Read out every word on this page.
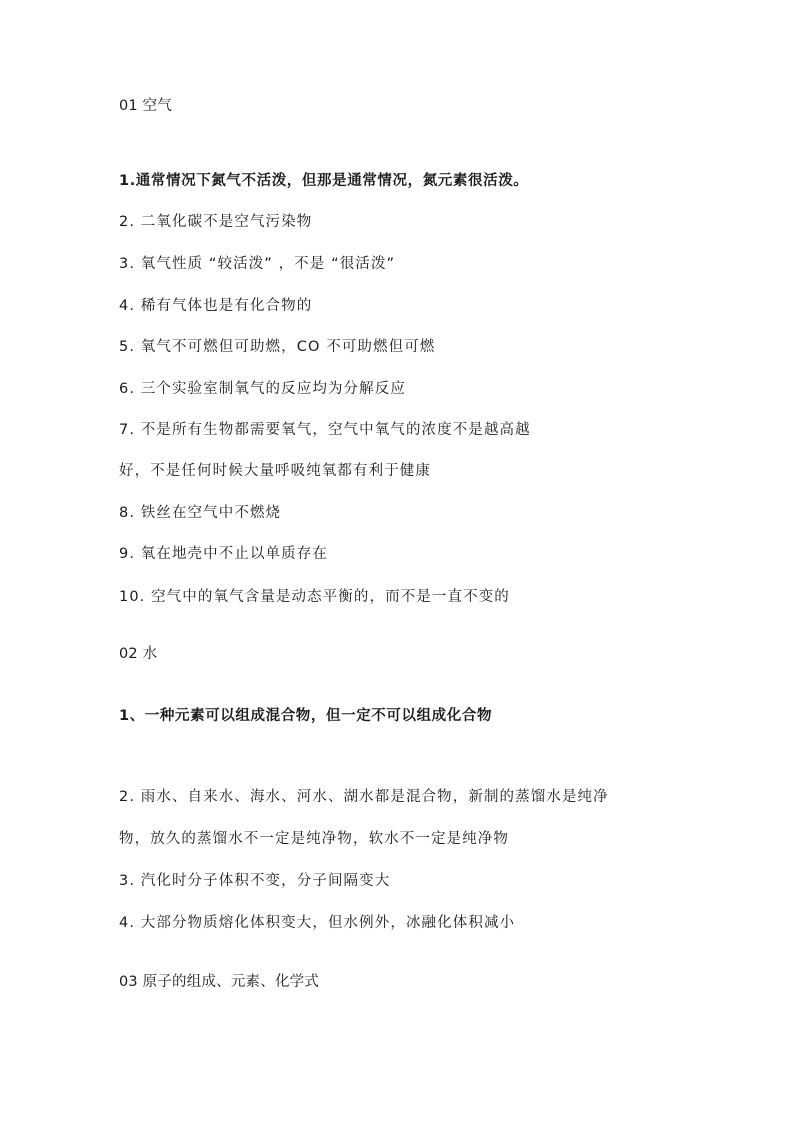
01 空气
1.通常情况下氮气不活泼，但那是通常情况，氮元素很活泼。
2. 二氧化碳不是空气污染物
3. 氧气性质 “较活泼” ，不是 “很活泼”
4. 稀有气体也是有化合物的
5. 氧气不可燃但可助燃，CO 不可助燃但可燃
6. 三个实验室制氧气的反应均为分解反应
7. 不是所有生物都需要氧气，空气中氧气的浓度不是越高越
好，不是任何时候大量呼吸纯氧都有利于健康
8. 铁丝在空气中不燃烧
9. 氧在地壳中不止以单质存在
10. 空气中的氧气含量是动态平衡的，而不是一直不变的
02 水
1、一种元素可以组成混合物，但一定不可以组成化合物
2. 雨水、自来水、海水、河水、湖水都是混合物，新制的蒸馏水是纯净
物，放久的蒸馏水不一定是纯净物，软水不一定是纯净物
3. 汽化时分子体积不变，分子间隔变大
4. 大部分物质熔化体积变大，但水例外，冰融化体积减小
03 原子的组成、元素、化学式
